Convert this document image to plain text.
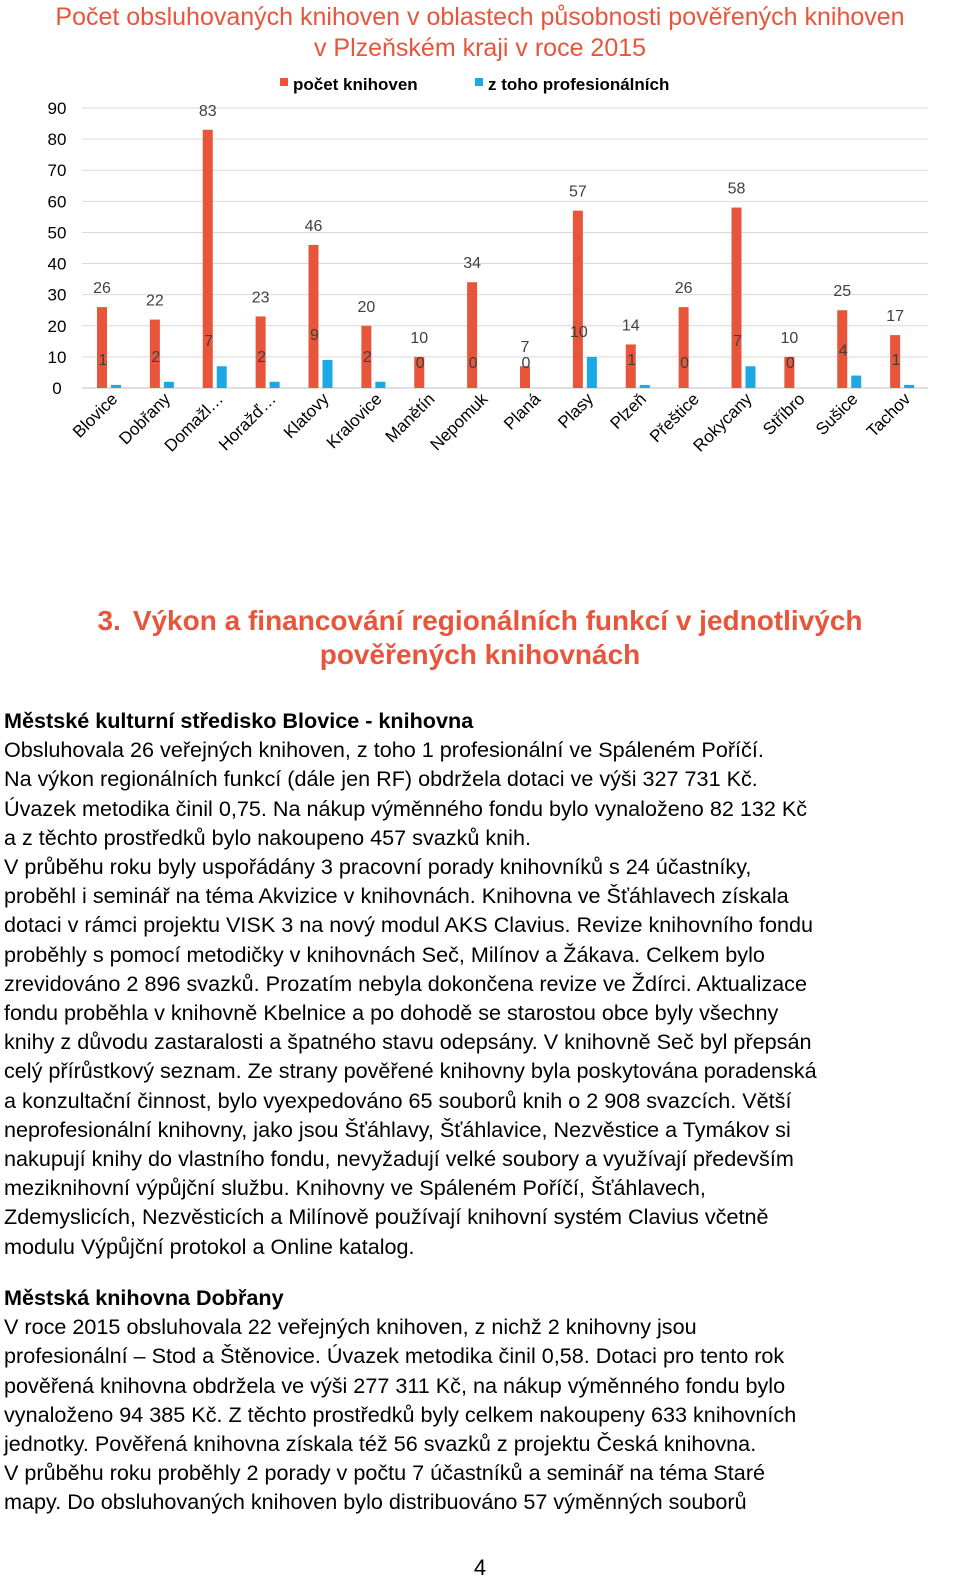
Počet obsluhovaných knihoven v oblastech působnosti pověřených knihoven
v Plzeňském kraji v roce 2015
0
10
20
30
40
50
60
70
80
90
počet knihoven	z toho profesionálních
26
1
Blovice
22
2
Dobřany
83
7
Domažl…
23
2
Horažď…
46
9
Klatovy
20
2
Kralovice
10
0
Manětín
34
0
Nepomuk
7
0
Planá
57
10
Plasy
14
1
Plzeň
26
0
Přeštice
58
7
Rokycany
10
0
Stříbro
25
4
Sušice
17
1
Tachov
3. Výkon a financování regionálních funkcí v jednotlivých
pověřených knihovnách

Městské kulturní středisko Blovice - knihovna

Obsluhovala 26 veřejných knihoven, z toho 1 profesionální ve Spáleném Poříčí.

Na výkon regionálních funkcí (dále jen RF) obdržela dotaci ve výši 327 731 Kč.

Úvazek metodika činil 0,75. Na nákup výměnného fondu bylo vynaloženo 82 132 Kč

a z těchto prostředků bylo nakoupeno 457 svazků knih.

V průběhu roku byly uspořádány 3 pracovní porady knihovníků s 24 účastníky,

proběhl i seminář na téma Akvizice v knihovnách. Knihovna ve Šťáhlavech získala

dotaci v rámci projektu VISK 3 na nový modul AKS Clavius. Revize knihovního fondu

proběhly s pomocí metodičky v knihovnách Seč, Milínov a Žákava. Celkem bylo

zrevidováno 2 896 svazků. Prozatím nebyla dokončena revize ve Ždírci. Aktualizace

fondu proběhla v knihovně Kbelnice a po dohodě se starostou obce byly všechny

knihy z důvodu zastaralosti a špatného stavu odepsány. V knihovně Seč byl přepsán

celý přírůstkový seznam. Ze strany pověřené knihovny byla poskytována poradenská

a konzultační činnost, bylo vyexpedováno 65 souborů knih o 2 908 svazcích. Větší

neprofesionální knihovny, jako jsou Šťáhlavy, Šťáhlavice, Nezvěstice a Tymákov si

nakupují knihy do vlastního fondu, nevyžadují velké soubory a využívají především

meziknihovní výpůjční službu. Knihovny ve Spáleném Poříčí, Šťáhlavech,

Zdemyslicích, Nezvěsticích a Milínově používají knihovní systém Clavius včetně

modulu Výpůjční protokol a Online katalog.

Městská knihovna Dobřany

V roce 2015 obsluhovala 22 veřejných knihoven, z nichž 2 knihovny jsou

profesionální – Stod a Štěnovice. Úvazek metodika činil 0,58. Dotaci pro tento rok

pověřená knihovna obdržela ve výši 277 311 Kč, na nákup výměnného fondu bylo

vynaloženo 94 385 Kč. Z těchto prostředků byly celkem nakoupeny 633 knihovních

jednotky. Pověřená knihovna získala též 56 svazků z projektu Česká knihovna.

V průběhu roku proběhly 2 porady v počtu 7 účastníků a seminář na téma Staré

mapy. Do obsluhovaných knihoven bylo distribuováno 57 výměnných souborů

4
